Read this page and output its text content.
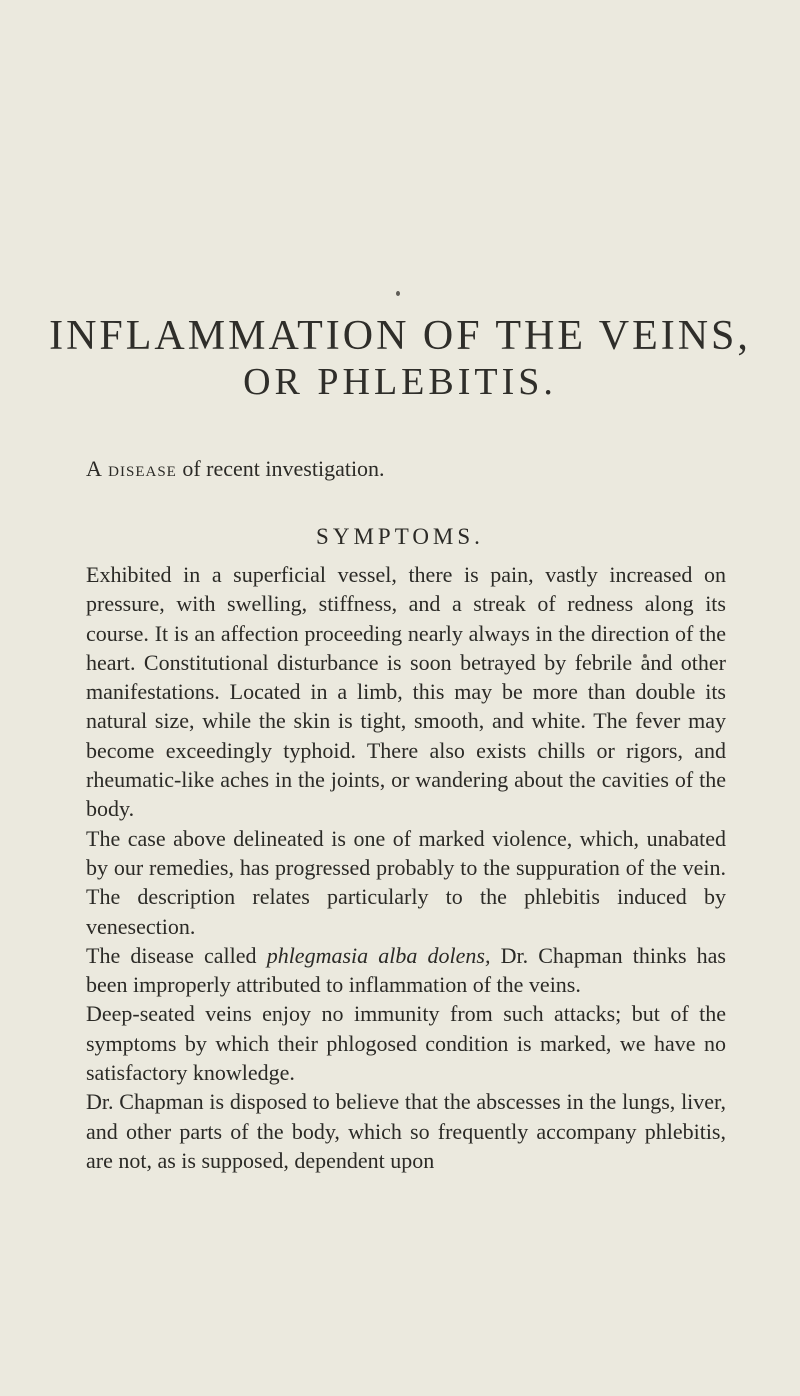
INFLAMMATION OF THE VEINS,
OR PHLEBITIS.
A disease of recent investigation.
SYMPTOMS.

Exhibited in a superficial vessel, there is pain, vastly increased on pressure, with swelling, stiffness, and a streak of redness along its course. It is an affection proceeding nearly always in the direction of the heart. Constitutional disturbance is soon betrayed by febrile and other manifestations. Located in a limb, this may be more than double its natural size, while the skin is tight, smooth, and white. The fever may become exceedingly typhoid. There also exists chills or rigors, and rheumatic-like aches in the joints, or wandering about the cavities of the body.

The case above delineated is one of marked violence, which, unabated by our remedies, has progressed probably to the suppuration of the vein. The description relates particularly to the phlebitis induced by venesection.

The disease called phlegmasia alba dolens, Dr. Chapman thinks has been improperly attributed to inflammation of the veins.

Deep-seated veins enjoy no immunity from such attacks; but of the symptoms by which their phlogosed condition is marked, we have no satisfactory knowledge.

Dr. Chapman is disposed to believe that the abscesses in the lungs, liver, and other parts of the body, which so frequently accompany phlebitis, are not, as is supposed, dependent upon
